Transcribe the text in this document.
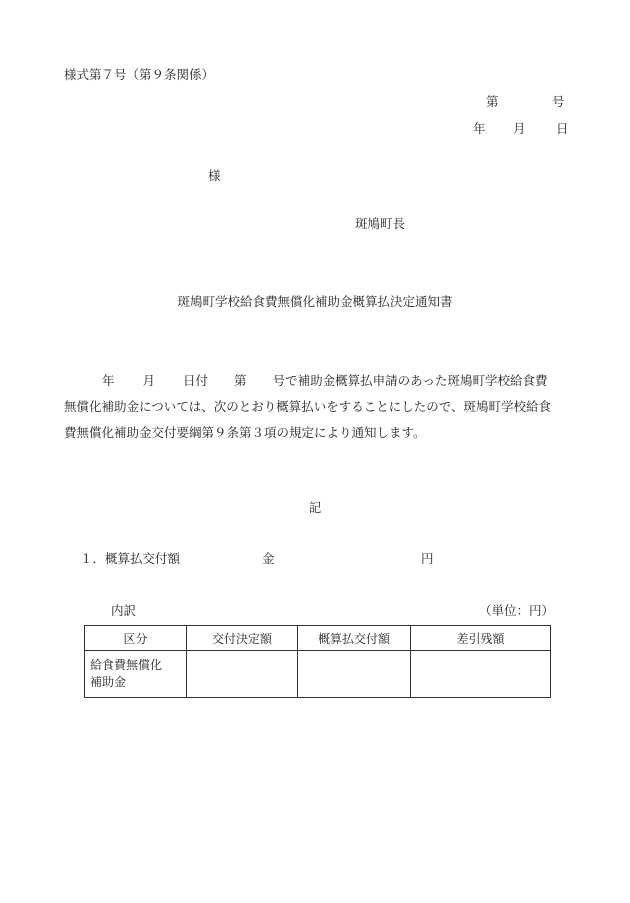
様式第７号（第９条関係）
第	号
年 月 日
様
斑鳩町長
斑鳩町学校給食費無償化補助金概算払決定通知書
年 月 日付 第 号で補助金概算払申請のあった斑鳩町学校給食費無償化補助金については、次のとおり概算払いをすることにしたので、斑鳩町学校給食費無償化補助金交付要綱第９条第３項の規定により通知します。
記
１．概算払交付額	金	円
内訳	（単位：円）
区分	交付決定額	概算払交付額	差引残額
給食費無償化
補助金			
